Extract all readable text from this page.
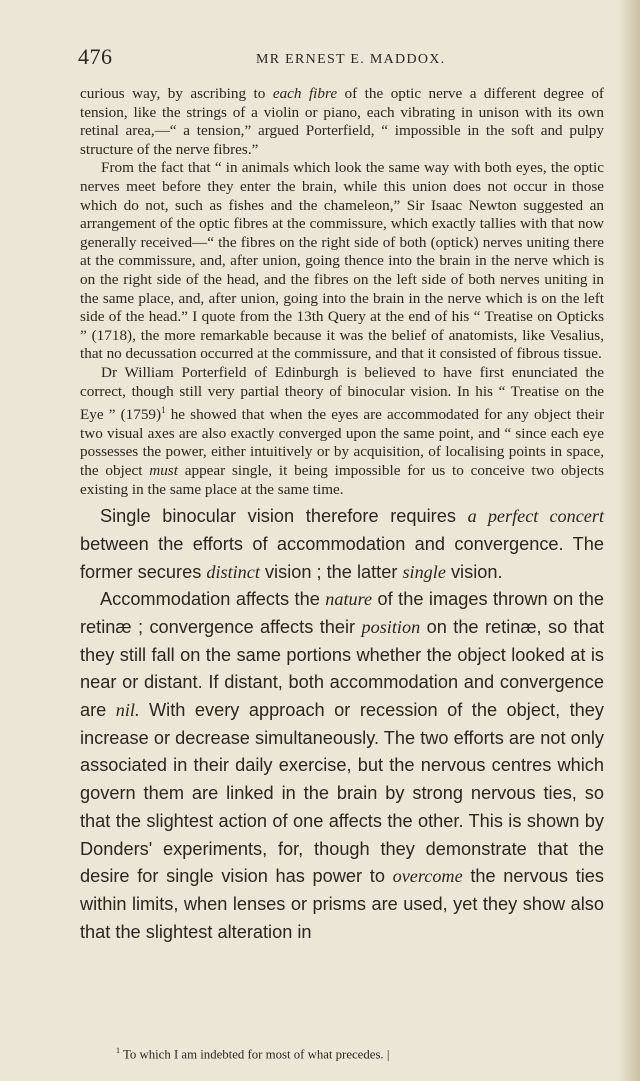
476	MR ERNEST E. MADDOX.

curious way, by ascribing to each fibre of the optic nerve a different degree of tension, like the strings of a violin or piano, each vibrating in unison with its own retinal area,—“ a tension,” argued Porterfield, “ impossible in the soft and pulpy structure of the nerve fibres.”

From the fact that “ in animals which look the same way with both eyes, the optic nerves meet before they enter the brain, while this union does not occur in those which do not, such as fishes and the chameleon,” Sir Isaac Newton suggested an arrangement of the optic fibres at the commissure, which exactly tallies with that now generally received—“ the fibres on the right side of both (optick) nerves uniting there at the commissure, and, after union, going thence into the brain in the nerve which is on the right side of the head, and the fibres on the left side of both nerves uniting in the same place, and, after union, going into the brain in the nerve which is on the left side of the head.” I quote from the 13th Query at the end of his “ Treatise on Opticks ” (1718), the more remarkable because it was the belief of anatomists, like Vesalius, that no decussation occurred at the commissure, and that it consisted of fibrous tissue.

Dr William Porterfield of Edinburgh is believed to have first enunciated the correct, though still very partial theory of binocular vision. In his “ Treatise on the Eye ” $(1759)^1$ he showed that when the eyes are accommodated for any object their two visual axes are also exactly converged upon the same point, and “ since each eye possesses the power, either intuitively or by acquisition, of localising points in space, the object must appear single, it being impossible for us to conceive two objects existing in the same place at the same time.

Single binocular vision therefore requires a perfect concert between the efforts of accommodation and convergence. The former secures distinct vision ; the latter single vision.

Accommodation affects the nature of the images thrown on the retinæ ; convergence affects their position on the retinæ, so that they still fall on the same portions whether the object looked at is near or distant. If distant, both accommodation and convergence are nil. With every approach or recession of the object, they increase or decrease simultaneously. The two efforts are not only associated in their daily exercise, but the nervous centres which govern them are linked in the brain by strong nervous ties, so that the slightest action of one affects the other. This is shown by Donders' experiments, for, though they demonstrate that the desire for single vision has power to overcome the nervous ties within limits, when lenses or prisms are used, yet they show also that the slightest alteration in

$^1$ To which I am indebted for most of what precedes. |
